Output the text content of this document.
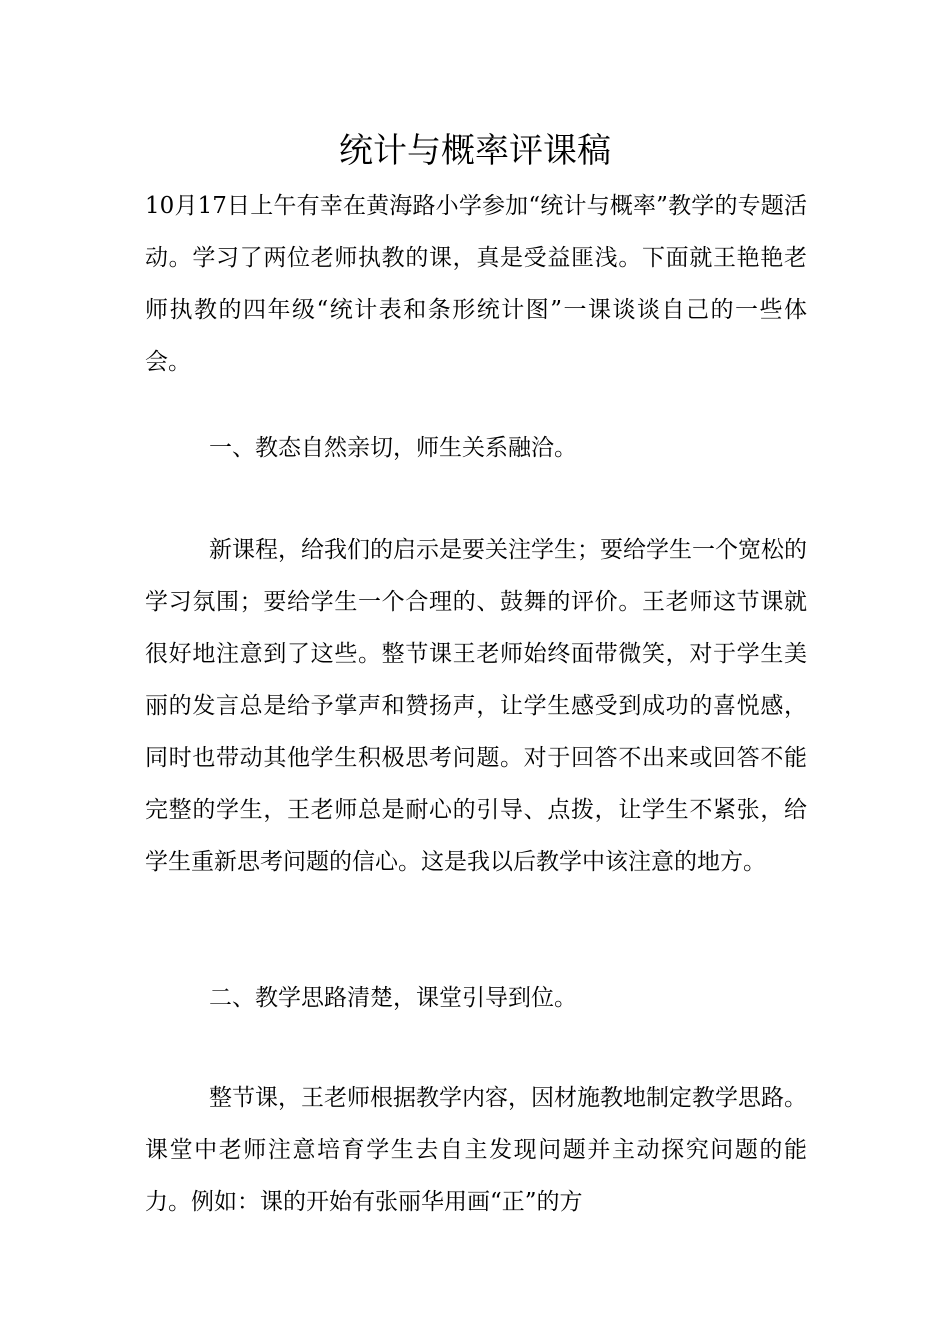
统计与概率评课稿

10月17日上午有幸在黄海路小学参加“统计与概率”教学的专题活动。学习了两位老师执教的课，真是受益匪浅。下面就王艳艳老师执教的四年级“统计表和条形统计图”一课谈谈自己的一些体会。

一、教态自然亲切，师生关系融洽。

新课程，给我们的启示是要关注学生；要给学生一个宽松的学习氛围；要给学生一个合理的、鼓舞的评价。王老师这节课就很好地注意到了这些。整节课王老师始终面带微笑，对于学生美丽的发言总是给予掌声和赞扬声，让学生感受到成功的喜悦感，同时也带动其他学生积极思考问题。对于回答不出来或回答不能完整的学生，王老师总是耐心的引导、点拨，让学生不紧张，给学生重新思考问题的信心。这是我以后教学中该注意的地方。

二、教学思路清楚，课堂引导到位。

整节课，王老师根据教学内容，因材施教地制定教学思路。课堂中老师注意培育学生去自主发现问题并主动探究问题的能力。例如：课的开始有张丽华用画“正”的方
